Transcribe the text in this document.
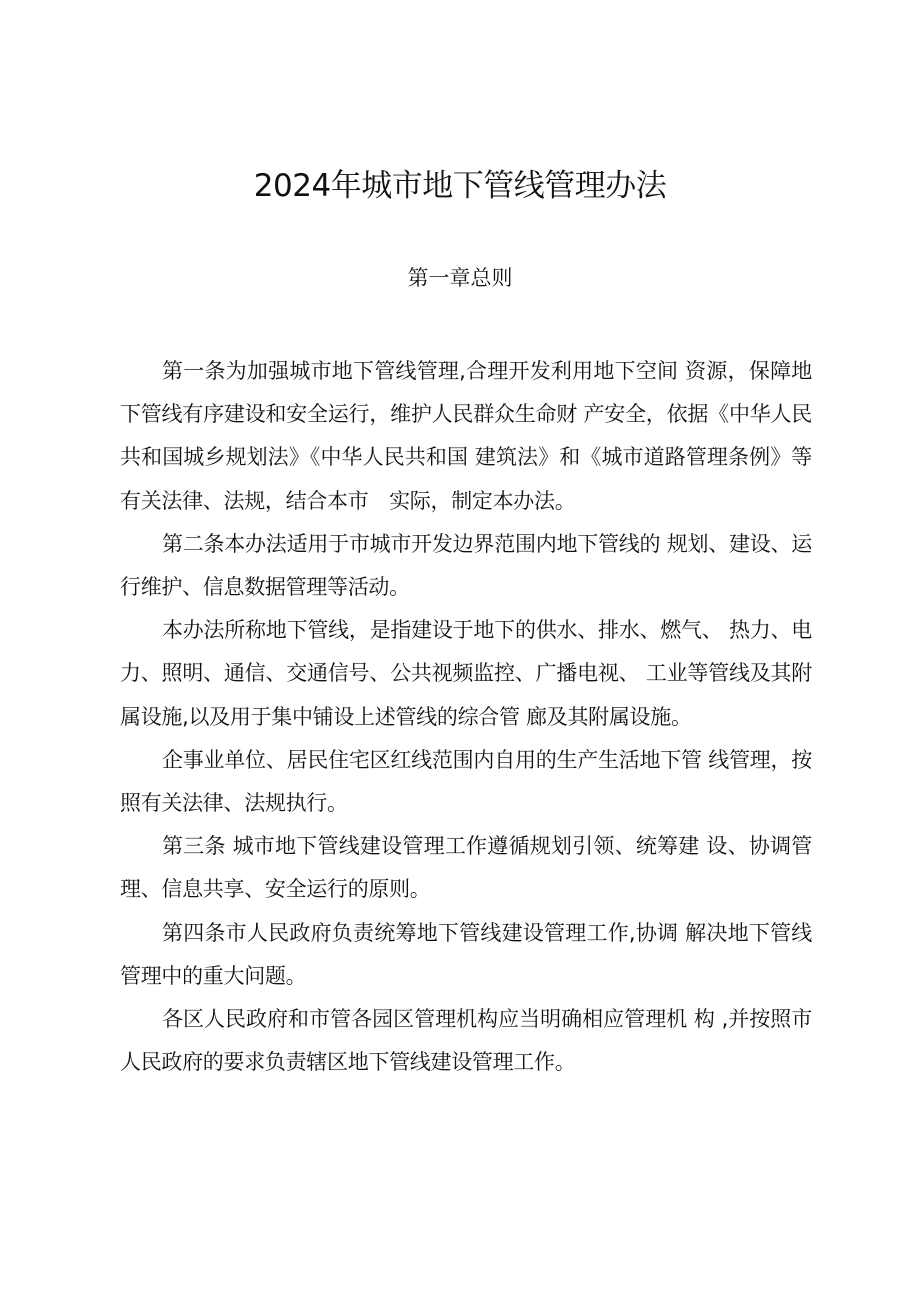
2024年城市地下管线管理办法
第一章总则

第一条为加强城市地下管线管理,合理开发利用地下空间 资源，保障地下管线有序建设和安全运行，维护人民群众生命财 产安全，依据《中华人民共和国城乡规划法》《中华人民共和国 建筑法》和《城市道路管理条例》等有关法律、法规，结合本市　实际，制定本办法。

第二条本办法适用于市城市开发边界范围内地下管线的 规划、建设、运行维护、信息数据管理等活动。

本办法所称地下管线，是指建设于地下的供水、排水、燃气、 热力、电力、照明、通信、交通信号、公共视频监控、广播电视、 工业等管线及其附属设施,以及用于集中铺设上述管线的综合管 廊及其附属设施。

企事业单位、居民住宅区红线范围内自用的生产生活地下管 线管理，按照有关法律、法规执行。

第三条 城市地下管线建设管理工作遵循规划引领、统筹建 设、协调管理、信息共享、安全运行的原则。

第四条市人民政府负责统筹地下管线建设管理工作,协调 解决地下管线管理中的重大问题。

各区人民政府和市管各园区管理机构应当明确相应管理机 构 ,并按照市人民政府的要求负责辖区地下管线建设管理工作。
